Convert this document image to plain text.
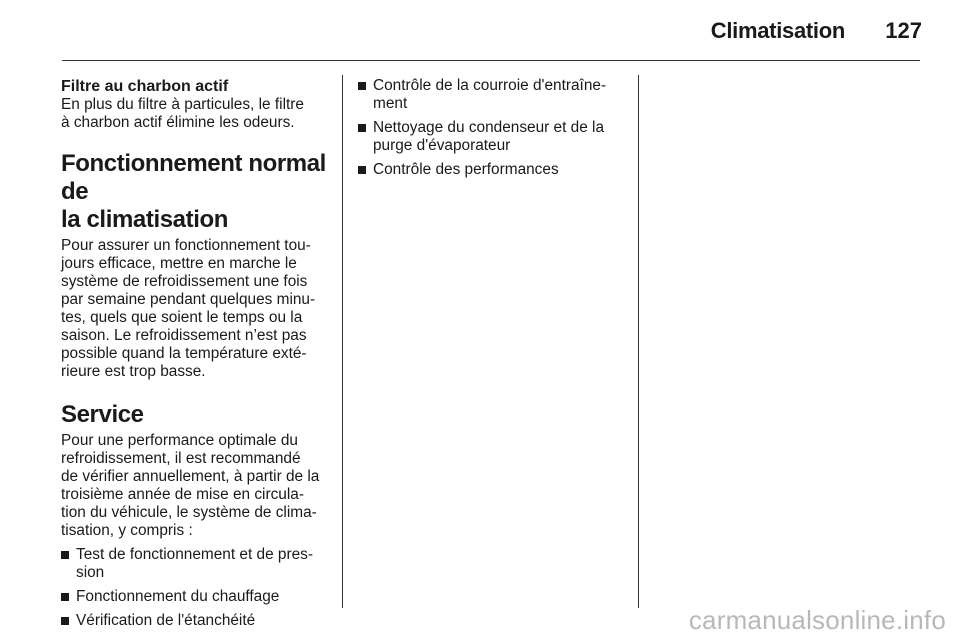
Climatisation	127
Filtre au charbon actif

En plus du filtre à particules, le filtre
à charbon actif élimine les odeurs.

Fonctionnement normal de
la climatisation

Pour assurer un fonctionnement tou-
jours efficace, mettre en marche le
système de refroidissement une fois
par semaine pendant quelques minu-
tes, quels que soient le temps ou la
saison. Le refroidissement n’est pas
possible quand la température exté-
rieure est trop basse.

Service

Pour une performance optimale du
refroidissement, il est recommandé
de vérifier annuellement, à partir de la
troisième année de mise en circula-
tion du véhicule, le système de clima-
tisation, y compris :

Test de fonctionnement et de pres-
sion
Fonctionnement du chauffage
Vérification de l'étanchéité
Contrôle de la courroie d'entraîne-
ment
Nettoyage du condenseur et de la
purge d'évaporateur
Contrôle des performances
carmanualsonline.info
